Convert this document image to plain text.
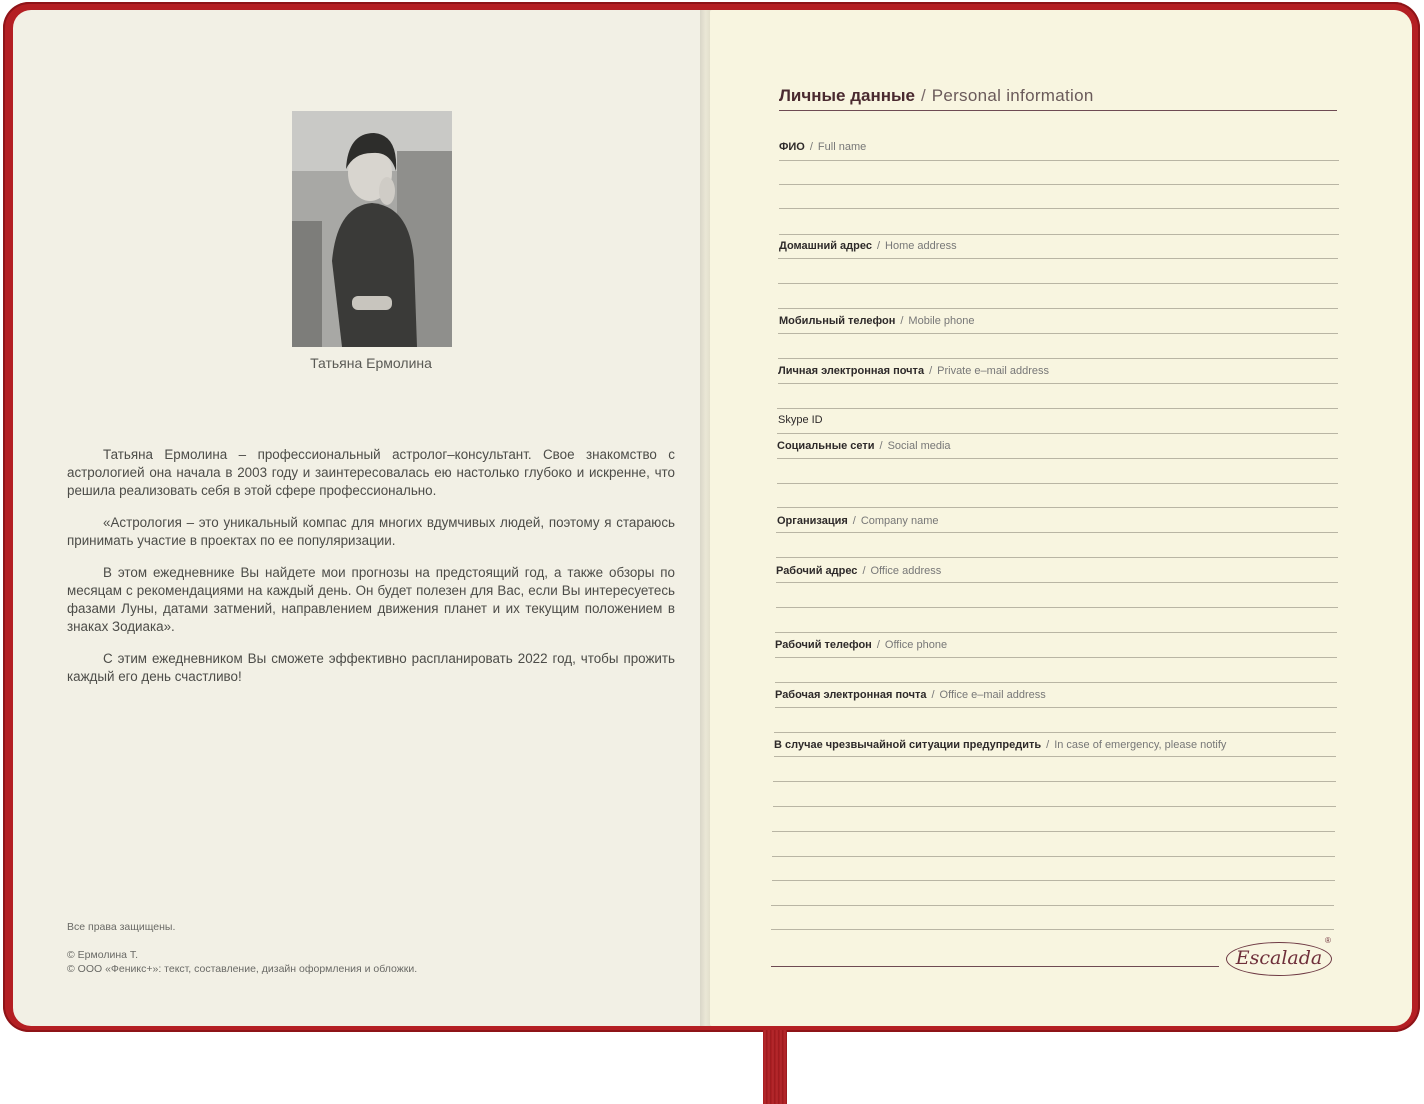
Татьяна Ермолина

Татьяна Ермолина – профессиональный астролог–консультант. Свое знакомство с астрологией она начала в 2003 году и заинтересовалась ею настолько глубоко и искренне, что решила реализовать себя в этой сфере профессионально.

«Астрология – это уникальный компас для многих вдумчивых людей, поэтому я стараюсь принимать участие в проектах по ее популяризации.

В этом ежедневнике Вы найдете мои прогнозы на предстоящий год, а также обзоры по месяцам с рекомендациями на каждый день. Он будет полезен для Вас, если Вы интересуетесь фазами Луны, датами затмений, направлением движения планет и их текущим положением в знаках Зодиака».

С этим ежедневником Вы сможете эффективно распланировать 2022 год, чтобы прожить каждый его день счастливо!

Все права защищены.
© Ермолина Т.
© ООО «Феникс+»: текст, составление, дизайн оформления и обложки.
Личные данные / Personal information
ФИО / Full name
Домашний адрес / Home address
Мобильный телефон / Mobile phone
Личная электронная почта / Private e–mail address
Skype ID
Социальные сети / Social media
Организация / Company name
Рабочий адрес / Office address
Рабочий телефон / Office phone
Рабочая электронная почта / Office e–mail address
В случае чрезвычайной ситуации предупредить / In case of emergency, please notify
Escalada
®
